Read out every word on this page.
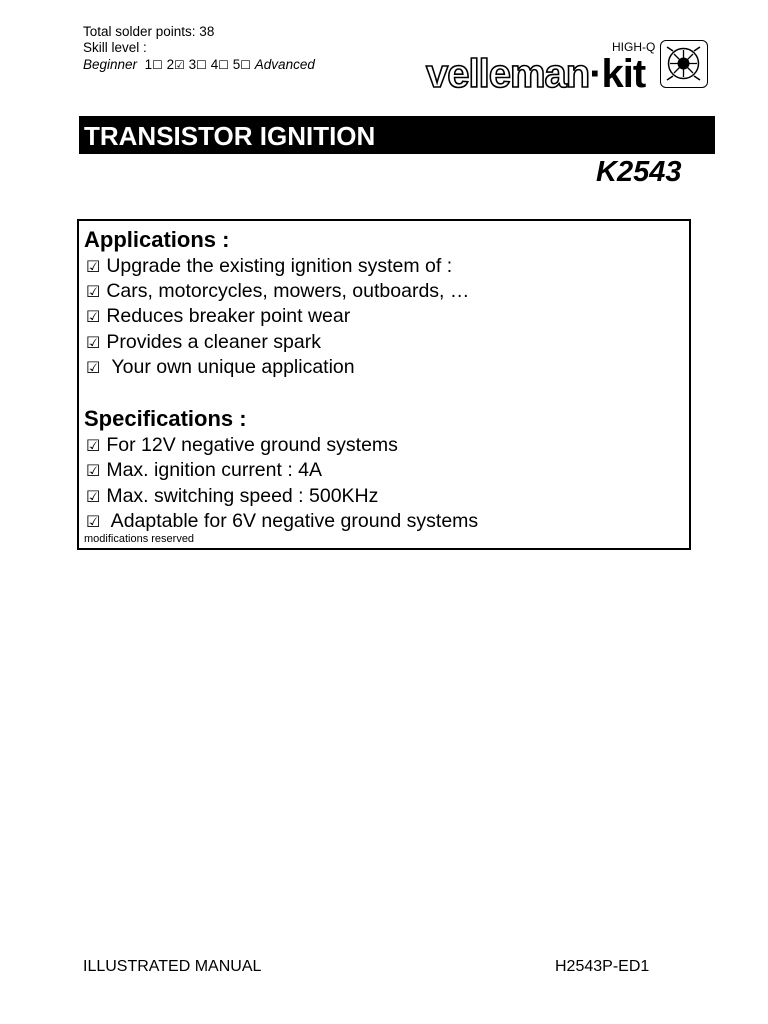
Total solder points: 38
Skill level :
Beginner 1☐ 2☑ 3☐ 4☐ 5☐ Advanced
HIGH-Q
velleman·kit
TRANSISTOR IGNITION
K2543
Applications :
☑ Upgrade the existing ignition system of :
☑ Cars, motorcycles, mowers, outboards, …
☑ Reduces breaker point wear
☑ Provides a cleaner spark
☑ Your own unique application
Specifications :
☑ For 12V negative ground systems
☑ Max. ignition current : 4A
☑ Max. switching speed : 500KHz
☑ Adaptable for 6V negative ground systems
modifications reserved
ILLUSTRATED MANUAL	H2543P-ED1
